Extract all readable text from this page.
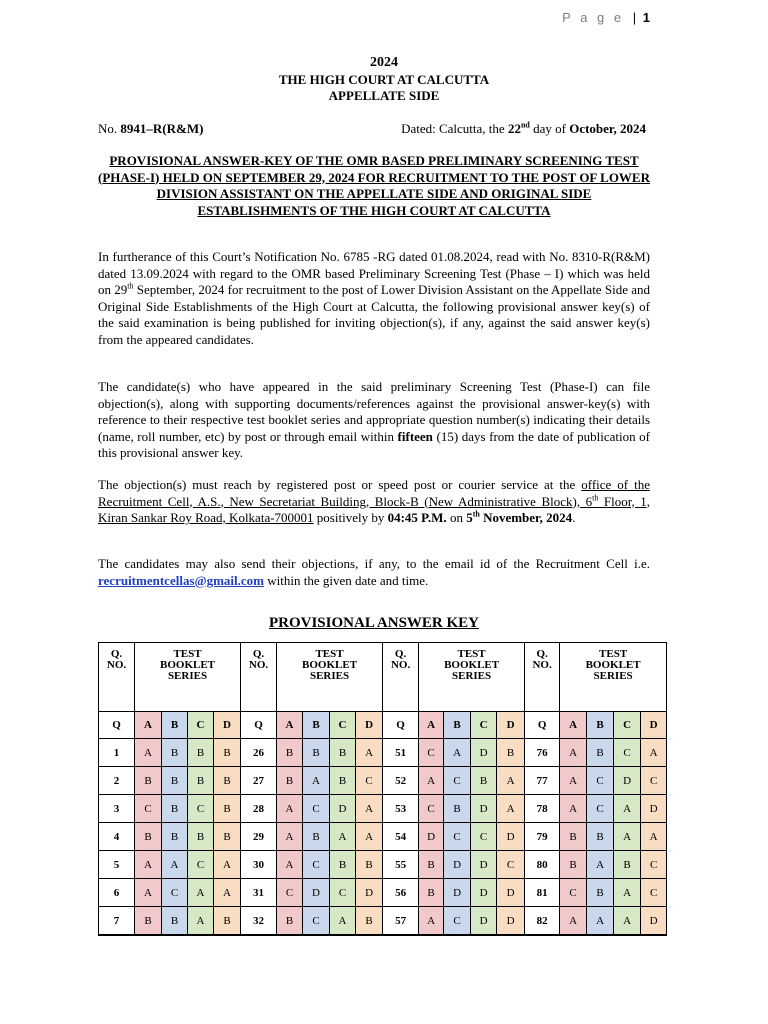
P a g e | 1
2024
THE HIGH COURT AT CALCUTTA
APPELLATE SIDE
No. 8941–R(R&M)	Dated: Calcutta, the 22nd day of October, 2024
PROVISIONAL ANSWER-KEY OF THE OMR BASED PRELIMINARY SCREENING TEST (PHASE-I) HELD ON SEPTEMBER 29, 2024 FOR RECRUITMENT TO THE POST OF LOWER DIVISION ASSISTANT ON THE APPELLATE SIDE AND ORIGINAL SIDE ESTABLISHMENTS OF THE HIGH COURT AT CALCUTTA
In furtherance of this Court’s Notification No. 6785 -RG dated 01.08.2024, read with No. 8310-R(R&M) dated 13.09.2024 with regard to the OMR based Preliminary Screening Test (Phase – I) which was held on 29th September, 2024 for recruitment to the post of Lower Division Assistant on the Appellate Side and Original Side Establishments of the High Court at Calcutta, the following provisional answer key(s) of the said examination is being published for inviting objection(s), if any, against the said answer key(s) from the appeared candidates.
The candidate(s) who have appeared in the said preliminary Screening Test (Phase-I) can file objection(s), along with supporting documents/references against the provisional answer-key(s) with reference to their respective test booklet series and appropriate question number(s) indicating their details (name, roll number, etc) by post or through email within fifteen (15) days from the date of publication of this provisional answer key.
The objection(s) must reach by registered post or speed post or courier service at the office of the Recruitment Cell, A.S., New Secretariat Building, Block-B (New Administrative Block), 6th Floor, 1, Kiran Sankar Roy Road, Kolkata-700001 positively by 04:45 P.M. on 5th November, 2024.
The candidates may also send their objections, if any, to the email id of the Recruitment Cell i.e. recruitmentcellas@gmail.com within the given date and time.
PROVISIONAL ANSWER KEY
Q.
NO.	TEST
BOOKLET
SERIES				Q.
NO.	TEST
BOOKLET
SERIES				Q.
NO.	TEST
BOOKLET
SERIES				Q.
NO.	TEST
BOOKLET
SERIES			
Q	A	B	C	D	Q	A	B	C	D	Q	A	B	C	D	Q	A	B	C	D
1	A	B	B	B	26	B	B	B	A	51	C	A	D	B	76	A	B	C	A
2	B	B	B	B	27	B	A	B	C	52	A	C	B	A	77	A	C	D	C
3	C	B	C	B	28	A	C	D	A	53	C	B	D	A	78	A	C	A	D
4	B	B	B	B	29	A	B	A	A	54	D	C	C	D	79	B	B	A	A
5	A	A	C	A	30	A	C	B	B	55	B	D	D	C	80	B	A	B	C
6	A	C	A	A	31	C	D	C	D	56	B	D	D	D	81	C	B	A	C
7	B	B	A	B	32	B	C	A	B	57	A	C	D	D	82	A	A	A	D
